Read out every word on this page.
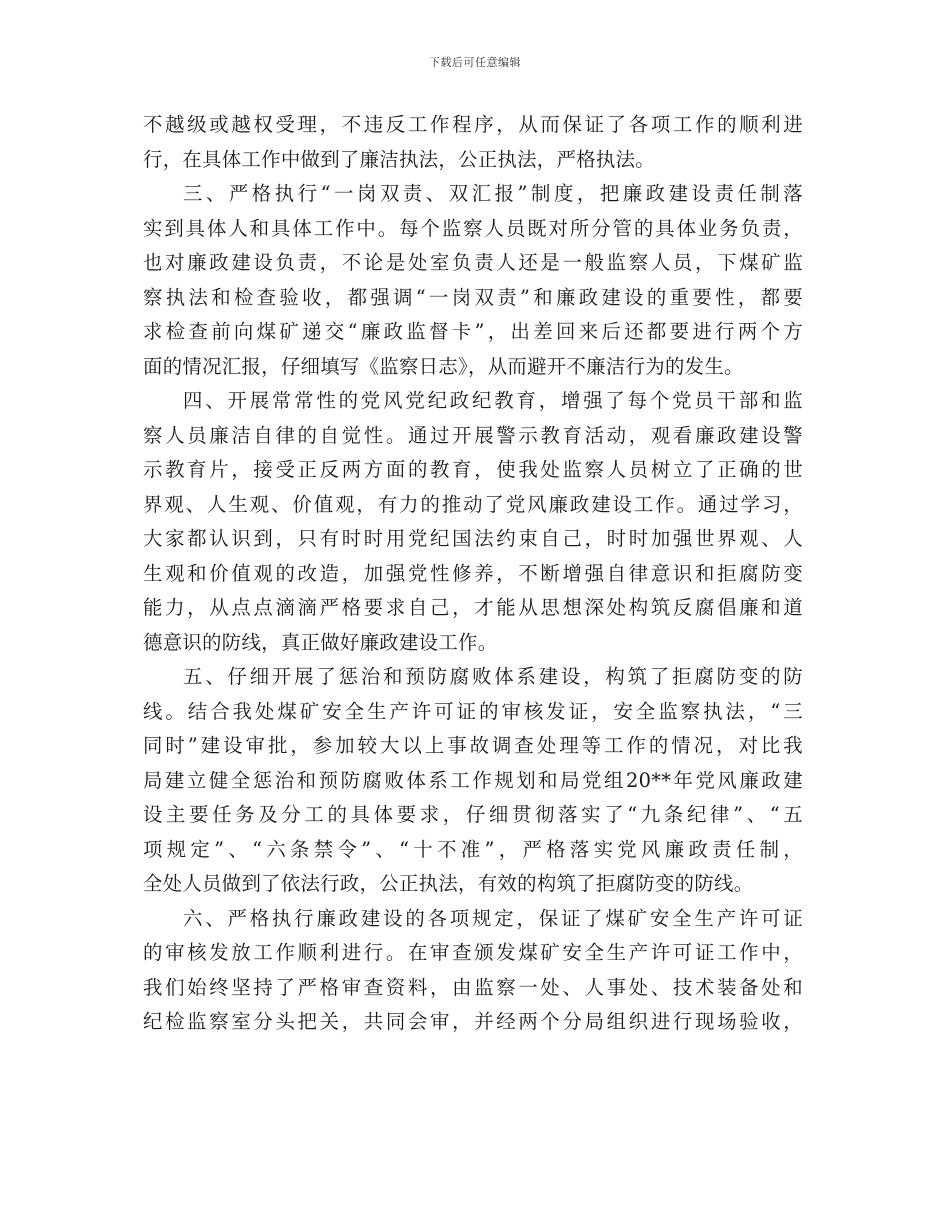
下载后可任意编辑
不越级或越权受理，不违反工作程序，从而保证了各项工作的顺利进
行，在具体工作中做到了廉洁执法，公正执法，严格执法。
三、严格执行“一岗双责、双汇报”制度，把廉政建设责任制落
实到具体人和具体工作中。每个监察人员既对所分管的具体业务负责，
也对廉政建设负责，不论是处室负责人还是一般监察人员，下煤矿监
察执法和检查验收，都强调“一岗双责”和廉政建设的重要性，都要
求检查前向煤矿递交“廉政监督卡”，出差回来后还都要进行两个方
面的情况汇报，仔细填写《监察日志》，从而避开不廉洁行为的发生。
四、开展常常性的党风党纪政纪教育，增强了每个党员干部和监
察人员廉洁自律的自觉性。通过开展警示教育活动，观看廉政建设警
示教育片，接受正反两方面的教育，使我处监察人员树立了正确的世
界观、人生观、价值观，有力的推动了党风廉政建设工作。通过学习，
大家都认识到，只有时时用党纪国法约束自己，时时加强世界观、人
生观和价值观的改造，加强党性修养，不断增强自律意识和拒腐防变
能力，从点点滴滴严格要求自己，才能从思想深处构筑反腐倡廉和道
德意识的防线，真正做好廉政建设工作。
五、仔细开展了惩治和预防腐败体系建设，构筑了拒腐防变的防
线。结合我处煤矿安全生产许可证的审核发证，安全监察执法，“三
同时”建设审批，参加较大以上事故调查处理等工作的情况，对比我
局建立健全惩治和预防腐败体系工作规划和局党组20**年党风廉政建
设主要任务及分工的具体要求，仔细贯彻落实了“九条纪律”、“五
项规定”、“六条禁令”、“十不准”，严格落实党风廉政责任制，
全处人员做到了依法行政，公正执法，有效的构筑了拒腐防变的防线。
六、严格执行廉政建设的各项规定，保证了煤矿安全生产许可证
的审核发放工作顺利进行。在审查颁发煤矿安全生产许可证工作中，
我们始终坚持了严格审查资料，由监察一处、人事处、技术装备处和
纪检监察室分头把关，共同会审，并经两个分局组织进行现场验收，
